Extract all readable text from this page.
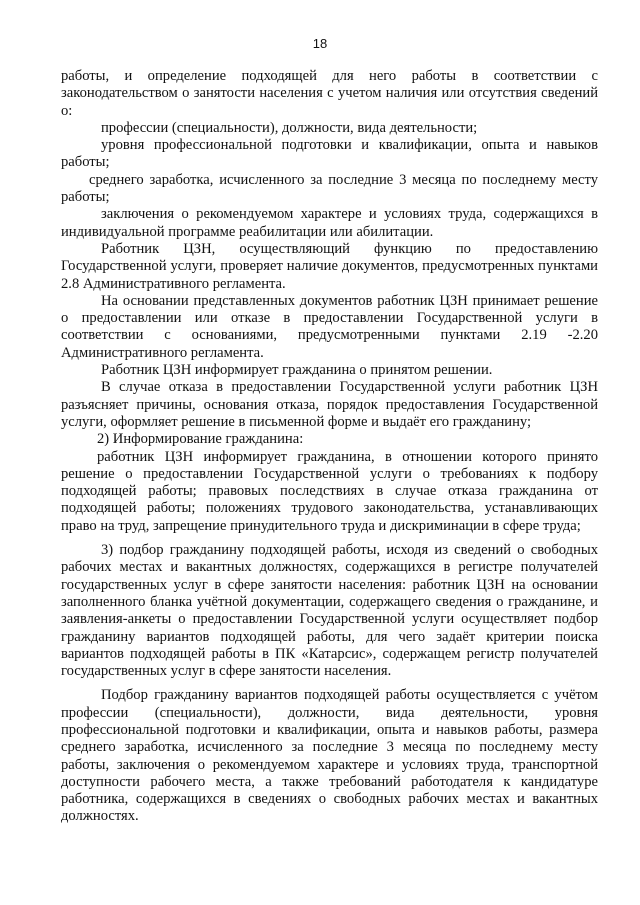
18

работы, и определение подходящей для него работы в соответствии с законодательством о занятости населения с учетом наличия или отсутствия сведений о:

профессии (специальности), должности, вида деятельности;

уровня профессиональной подготовки и квалификации, опыта и навыков работы;

среднего заработка, исчисленного за последние 3 месяца по последнему месту работы;

заключения о рекомендуемом характере и условиях труда, содержащихся в индивидуальной программе реабилитации или абилитации.

Работник ЦЗН, осуществляющий функцию по предоставлению Государственной услуги, проверяет наличие документов, предусмотренных пунктами 2.8 Административного регламента.

На основании представленных документов работник ЦЗН принимает решение о предоставлении или отказе в предоставлении Государственной услуги в соответствии с основаниями, предусмотренными пунктами 2.19 -2.20 Административного регламента.

Работник ЦЗН информирует гражданина о принятом решении.

В случае отказа в предоставлении Государственной услуги работник ЦЗН разъясняет причины, основания отказа, порядок предоставления Государственной услуги, оформляет решение в письменной форме и выдаёт его гражданину;

2) Информирование гражданина:

работник ЦЗН информирует гражданина, в отношении которого принято решение о предоставлении Государственной услуги о требованиях к подбору подходящей работы; правовых последствиях в случае отказа гражданина от подходящей работы; положениях трудового законодательства, устанавливающих право на труд, запрещение принудительного труда и дискриминации в сфере труда;

3) подбор гражданину подходящей работы, исходя из сведений о свободных рабочих местах и вакантных должностях, содержащихся в регистре получателей государственных услуг в сфере занятости населения: работник ЦЗН на основании заполненного бланка учётной документации, содержащего сведения о гражданине, и заявления-анкеты о предоставлении Государственной услуги осуществляет подбор гражданину вариантов подходящей работы, для чего задаёт критерии поиска вариантов подходящей работы в ПК «Катарсис», содержащем регистр получателей государственных услуг в сфере занятости населения.

Подбор гражданину вариантов подходящей работы осуществляется с учётом профессии (специальности), должности, вида деятельности, уровня профессиональной подготовки и квалификации, опыта и навыков работы, размера среднего заработка, исчисленного за последние 3 месяца по последнему месту работы, заключения о рекомендуемом характере и условиях труда, транспортной доступности рабочего места, а также требований работодателя к кандидатуре работника, содержащихся в сведениях о свободных рабочих местах и вакантных должностях.
